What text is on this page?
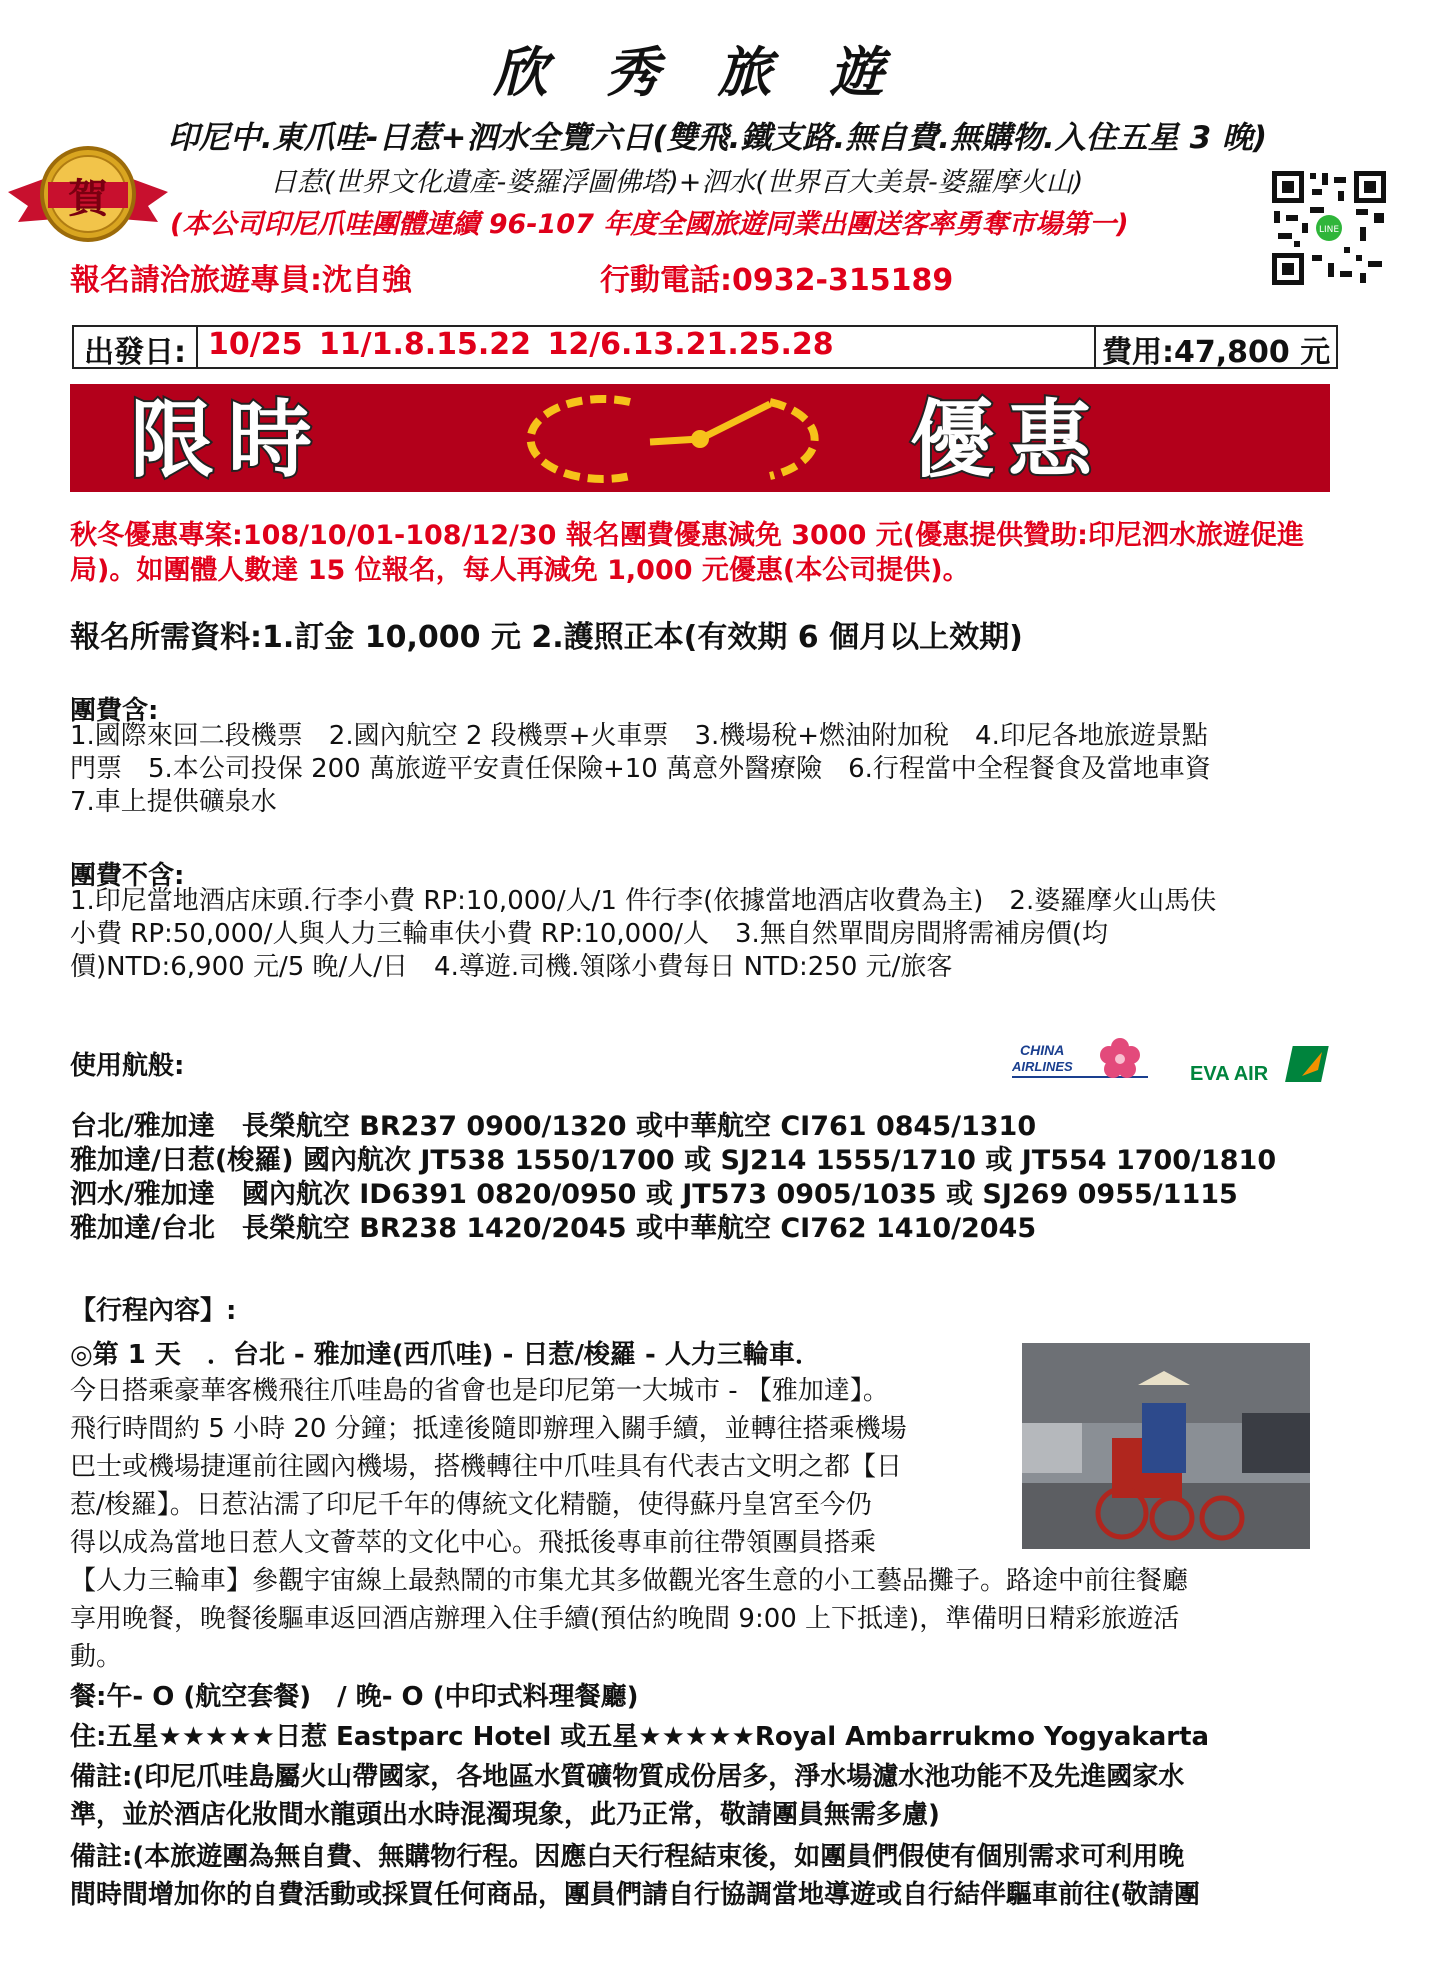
欣秀旅遊
印尼中.東爪哇-日惹+泗水全覽六日(雙飛.鐵支路.無自費.無購物.入住五星 3 晚)
賀	日惹(世界文化遺產-婆羅浮圖佛塔)+泗水(世界百大美景-婆羅摩火山)
(本公司印尼爪哇團體連續 96-107 年度全國旅遊同業出團送客率勇奪市場第一)	LINE
報名請洽旅遊專員:沈自強	行動電話:0932-315189
出發日: 10/25 11/1.8.15.22 12/6.13.21.25.28	費用:47,800 元
限時	優惠
秋冬優惠專案:108/10/01-108/12/30 報名團費優惠減免 3000 元(優惠提供贊助:印尼泗水旅遊促進局)。如團體人數達 15 位報名，每人再減免 1,000 元優惠(本公司提供)。
報名所需資料:1.訂金 10,000 元 2.護照正本(有效期 6 個月以上效期)
團費含:
1.國際來回二段機票　2.國內航空 2 段機票+火車票　3.機場稅+燃油附加稅　4.印尼各地旅遊景點
門票　5.本公司投保 200 萬旅遊平安責任保險+10 萬意外醫療險　6.行程當中全程餐食及當地車資
7.車上提供礦泉水
團費不含:
1.印尼當地酒店床頭.行李小費 RP:10,000/人/1 件行李(依據當地酒店收費為主)　2.婆羅摩火山馬伕
小費 RP:50,000/人與人力三輪車伕小費 RP:10,000/人　3.無自然單間房間將需補房價(均
價)NTD:6,900 元/5 晚/人/日　4.導遊.司機.領隊小費每日 NTD:250 元/旅客
使用航般:
CHINA
AIRLINES	EVA AIR
台北/雅加達　長榮航空 BR237 0900/1320 或中華航空 CI761 0845/1310
雅加達/日惹(梭羅) 國內航次 JT538 1550/1700 或 SJ214 1555/1710 或 JT554 1700/1810
泗水/雅加達　國內航次 ID6391 0820/0950 或 JT573 0905/1035 或 SJ269 0955/1115
雅加達/台北　長榮航空 BR238 1420/2045 或中華航空 CI762 1410/2045
【行程內容】:
◎第 1 天　．台北 - 雅加達(西爪哇) - 日惹/梭羅 - 人力三輪車．
今日搭乘豪華客機飛往爪哇島的省會也是印尼第一大城市 - 【雅加達】。
飛行時間約 5 小時 20 分鐘；抵達後隨即辦理入關手續，並轉往搭乘機場
巴士或機場捷運前往國內機場，搭機轉往中爪哇具有代表古文明之都【日
惹/梭羅】。日惹沾濡了印尼千年的傳統文化精髓，使得蘇丹皇宮至今仍
得以成為當地日惹人文薈萃的文化中心。飛抵後專車前往帶領團員搭乘
【人力三輪車】參觀宇宙線上最熱鬧的市集尤其多做觀光客生意的小工藝品攤子。路途中前往餐廳
享用晚餐，晚餐後驅車返回酒店辦理入住手續(預估約晚間 9:00 上下抵達)，準備明日精彩旅遊活
動。
餐:午- O (航空套餐)　/ 晚- O (中印式料理餐廳)
住:五星★★★★★日惹 Eastparc Hotel 或五星★★★★★Royal Ambarrukmo Yogyakarta
備註:(印尼爪哇島屬火山帶國家，各地區水質礦物質成份居多，淨水場濾水池功能不及先進國家水
準，並於酒店化妝間水龍頭出水時混濁現象，此乃正常，敬請團員無需多慮)
備註:(本旅遊團為無自費、無購物行程。因應白天行程結束後，如團員們假使有個別需求可利用晚
間時間增加你的自費活動或採買任何商品，團員們請自行協調當地導遊或自行結伴驅車前往(敬請團
